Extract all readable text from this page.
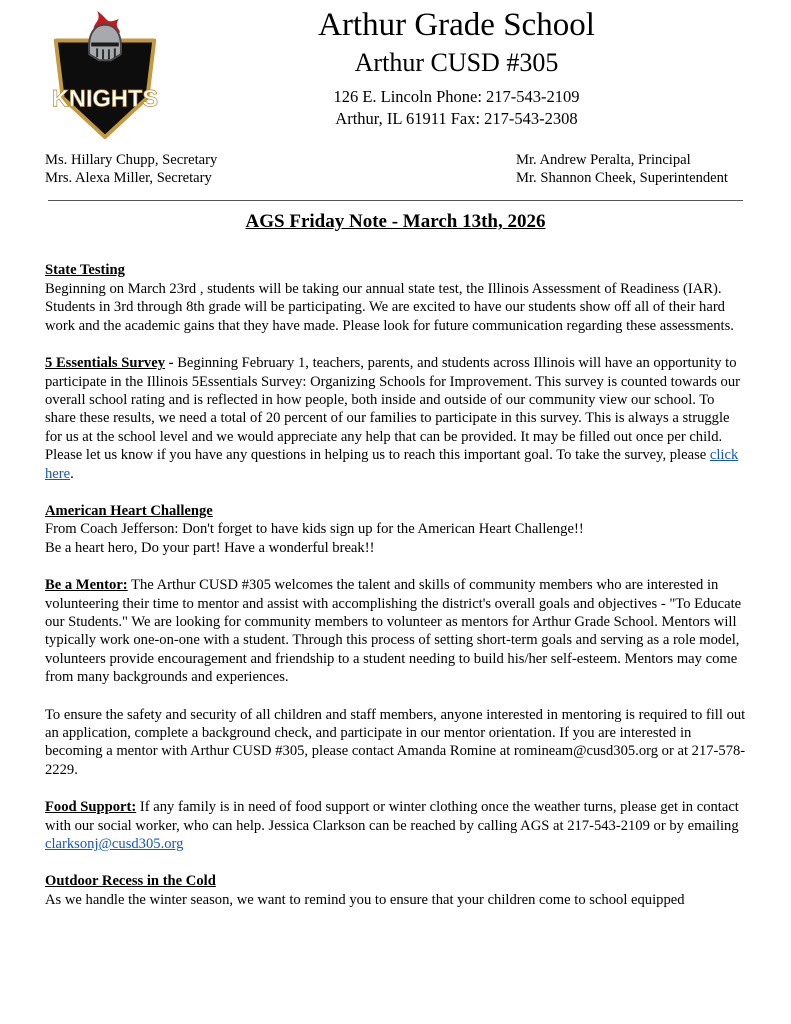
KNIGHTS
Arthur Grade School
Arthur CUSD #305
126 E. Lincoln Phone: 217-543-2109
Arthur, IL 61911 Fax: 217-543-2308
Ms. Hillary Chupp, Secretary
Mrs. Alexa Miller, Secretary
Mr. Andrew Peralta, Principal
Mr. Shannon Cheek, Superintendent
AGS Friday Note - March 13th, 2026
State Testing
Beginning on March 23rd , students will be taking our annual state test, the Illinois Assessment of Readiness (IAR). Students in 3rd through 8th grade will be participating. We are excited to have our students show off all of their hard work and the academic gains that they have made. Please look for future communication regarding these assessments.
5 Essentials Survey - Beginning February 1, teachers, parents, and students across Illinois will have an opportunity to participate in the Illinois 5Essentials Survey: Organizing Schools for Improvement. This survey is counted towards our overall school rating and is reflected in how people, both inside and outside of our community view our school. To share these results, we need a total of 20 percent of our families to participate in this survey. This is always a struggle for us at the school level and we would appreciate any help that can be provided. It may be filled out once per child. Please let us know if you have any questions in helping us to reach this important goal. To take the survey, please click here.
American Heart Challenge
From Coach Jefferson: Don't forget to have kids sign up for the American Heart Challenge!!
Be a heart hero, Do your part! Have a wonderful break!!
Be a Mentor: The Arthur CUSD #305 welcomes the talent and skills of community members who are interested in volunteering their time to mentor and assist with accomplishing the district's overall goals and objectives - "To Educate our Students." We are looking for community members to volunteer as mentors for Arthur Grade School. Mentors will typically work one-on-one with a student. Through this process of setting short-term goals and serving as a role model, volunteers provide encouragement and friendship to a student needing to build his/her self-esteem. Mentors may come from many backgrounds and experiences.
To ensure the safety and security of all children and staff members, anyone interested in mentoring is required to fill out an application, complete a background check, and participate in our mentor orientation. If you are interested in becoming a mentor with Arthur CUSD #305, please contact Amanda Romine at romineam@cusd305.org or at 217-578-2229.
Food Support: If any family is in need of food support or winter clothing once the weather turns, please get in contact with our social worker, who can help. Jessica Clarkson can be reached by calling AGS at 217-543-2109 or by emailing clarksonj@cusd305.org
Outdoor Recess in the Cold
As we handle the winter season, we want to remind you to ensure that your children come to school equipped
